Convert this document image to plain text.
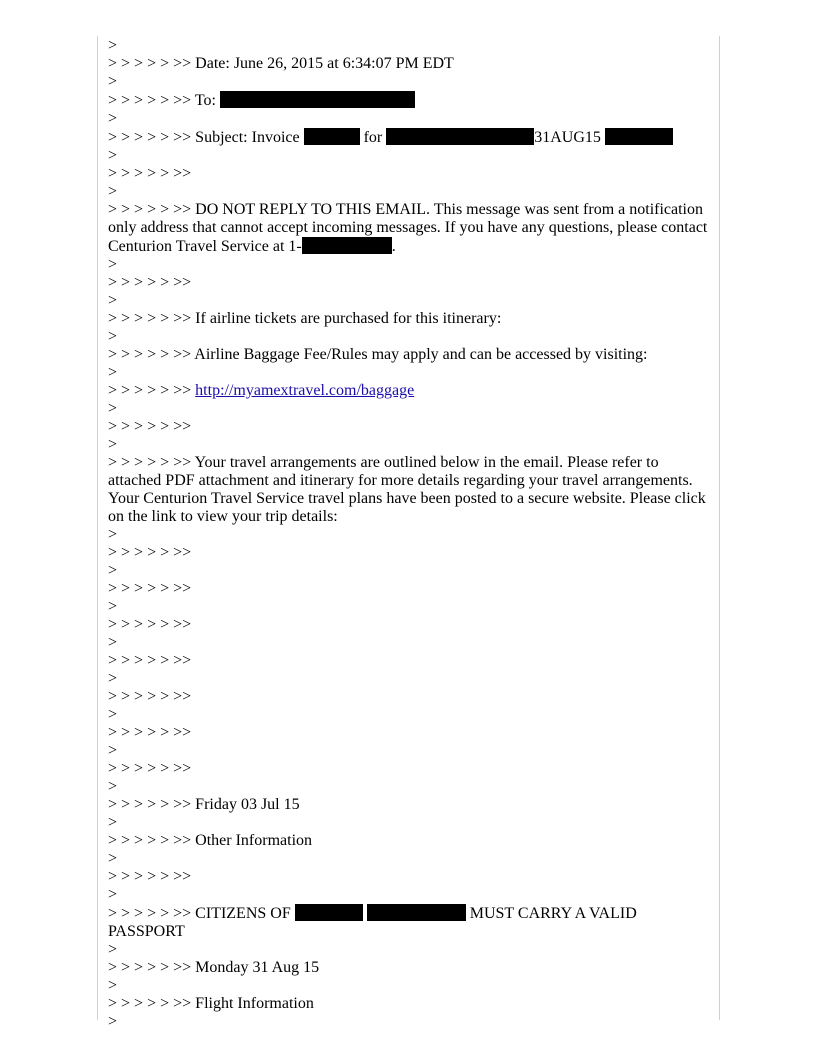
>
> > > > > >> Date: June 26, 2015 at 6:34:07 PM EDT
>
> > > > > >> To:
>
> > > > > >> Subject: Invoice	for	31AUG15
>
> > > > > >>
>
> > > > > >> DO NOT REPLY TO THIS EMAIL. This message was sent from a notification only address that cannot accept incoming messages. If you have any questions, please contact Centurion Travel Service at 1-	.
>
> > > > > >>
>
> > > > > >> If airline tickets are purchased for this itinerary:
>
> > > > > >> Airline Baggage Fee/Rules may apply and can be accessed by visiting:
>
> > > > > >> http://myamextravel.com/baggage
>
> > > > > >>
>
> > > > > >> Your travel arrangements are outlined below in the email. Please refer to attached PDF attachment and itinerary for more details regarding your travel arrangements. Your Centurion Travel Service travel plans have been posted to a secure website. Please click on the link to view your trip details:
>
> > > > > >>
>
> > > > > >>
>
> > > > > >>
>
> > > > > >>
>
> > > > > >>
>
> > > > > >>
>
> > > > > >>
>
> > > > > >> Friday 03 Jul 15
>
> > > > > >> Other Information
>
> > > > > >>
>
> > > > > >> CITIZENS OF	MUST CARRY A VALID PASSPORT
>
> > > > > >> Monday 31 Aug 15
>
> > > > > >> Flight Information
>
